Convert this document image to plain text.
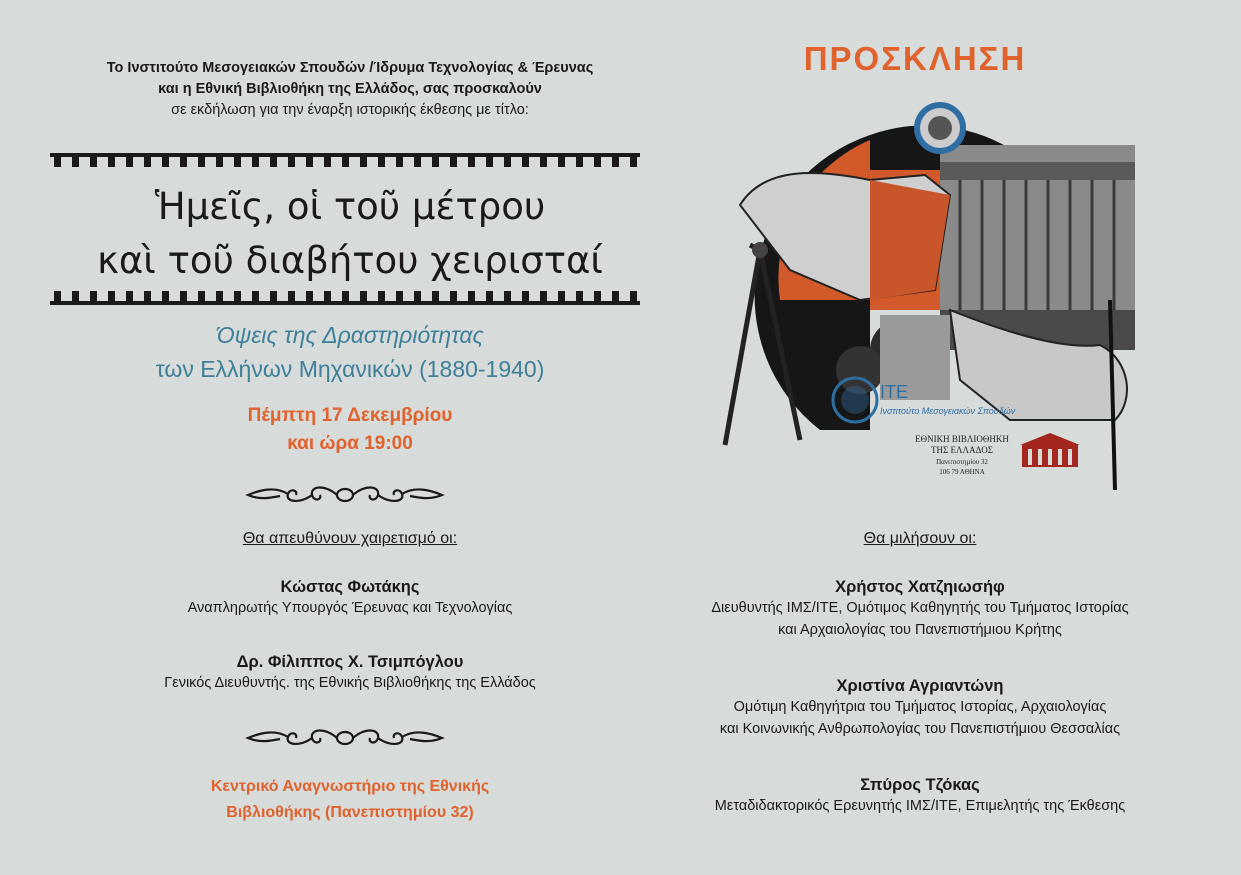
Το Ινστιτούτο Μεσογειακών Σπουδών /Ίδρυμα Τεχνολογίας & Έρευνας
και η Εθνική Βιβλιοθήκη της Ελλάδος, σας προσκαλούν
σε εκδήλωση για την έναρξη ιστορικής έκθεσης με τίτλο:
Ἡμεῖς, οἱ τοῦ μέτρου
καὶ τοῦ διαβήτου χειρισταί
Όψεις της Δραστηριότητας
των Ελλήνων Μηχανικών (1880-1940)
Πέμπτη 17 Δεκεμβρίου
και ώρα 19:00
Θα απευθύνουν χαιρετισμό οι:
Κώστας Φωτάκης
Αναπληρωτής Υπουργός Έρευνας και Τεχνολογίας
Δρ. Φίλιππος Χ. Τσιμπόγλου
Γενικός Διευθυντής. της Εθνικής Βιβλιοθήκης της Ελλάδος
Κεντρικό Αναγνωστήριο της Εθνικής
Βιβλιοθήκης (Πανεπιστημίου 32)
ΠΡΟΣΚΛΗΣΗ
ΙΤΕ
Ινστιτούτο Μεσογειακών Σπουδών
ΕΘΝΙΚΗ ΒΙΒΛΙΟΘΗΚΗ
ΤΗΣ ΕΛΛΑΔΟΣ
Πανεπιστημίου 32
106 79 ΑΘΗΝΑ
Θα μιλήσουν οι:
Χρήστος Χατζηιωσήφ
Διευθυντής ΙΜΣ/ΙΤΕ, Ομότιμος Καθηγητής του Τμήματος Ιστορίας
και Αρχαιολογίας του Πανεπιστήμιου Κρήτης
Χριστίνα Αγριαντώνη
Ομότιμη Καθηγήτρια του Τμήματος Ιστορίας, Αρχαιολογίας
και Κοινωνικής Ανθρωπολογίας του Πανεπιστήμιου Θεσσαλίας
Σπύρος Τζόκας
Μεταδιδακτορικός Ερευνητής ΙΜΣ/ΙΤΕ, Επιμελητής της Έκθεσης
